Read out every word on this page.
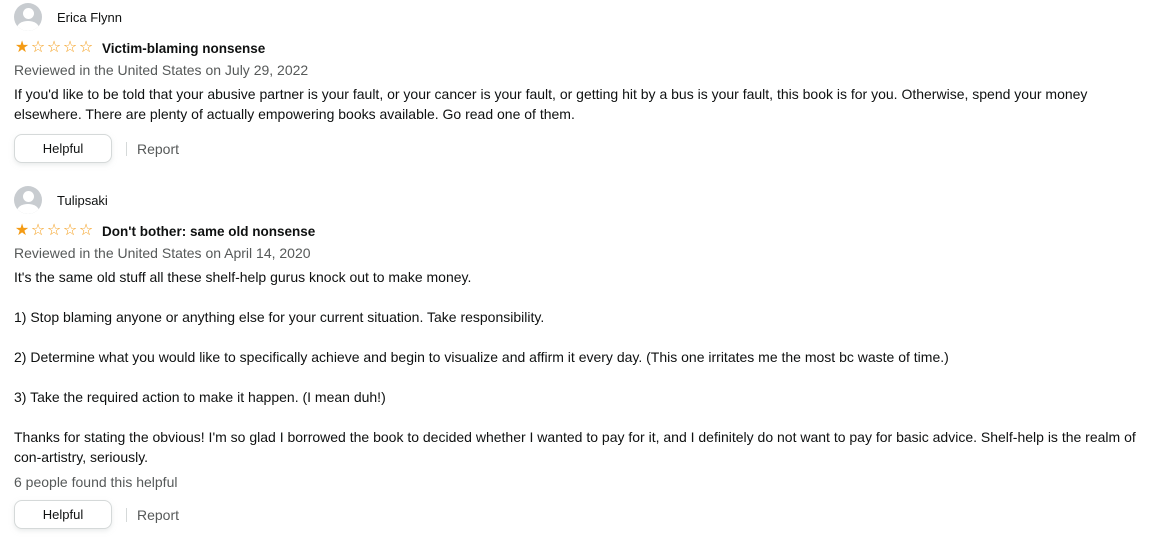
Erica Flynn
★ ☆ ☆ ☆ ☆ Victim-blaming nonsense
Reviewed in the United States on July 29, 2022

If you'd like to be told that your abusive partner is your fault, or your cancer is your fault, or getting hit by a bus is your fault, this book is for you. Otherwise, spend your money elsewhere. There are plenty of actually empowering books available. Go read one of them.

Helpful	Report
Tulipsaki
★ ☆ ☆ ☆ ☆ Don't bother: same old nonsense
Reviewed in the United States on April 14, 2020

It's the same old stuff all these shelf-help gurus knock out to make money.

1) Stop blaming anyone or anything else for your current situation. Take responsibility.

2) Determine what you would like to specifically achieve and begin to visualize and affirm it every day. (This one irritates me the most bc waste of time.)

3) Take the required action to make it happen. (I mean duh!)

Thanks for stating the obvious! I'm so glad I borrowed the book to decided whether I wanted to pay for it, and I definitely do not want to pay for basic advice. Shelf-help is the realm of con-artistry, seriously.

6 people found this helpful
Helpful	Report
